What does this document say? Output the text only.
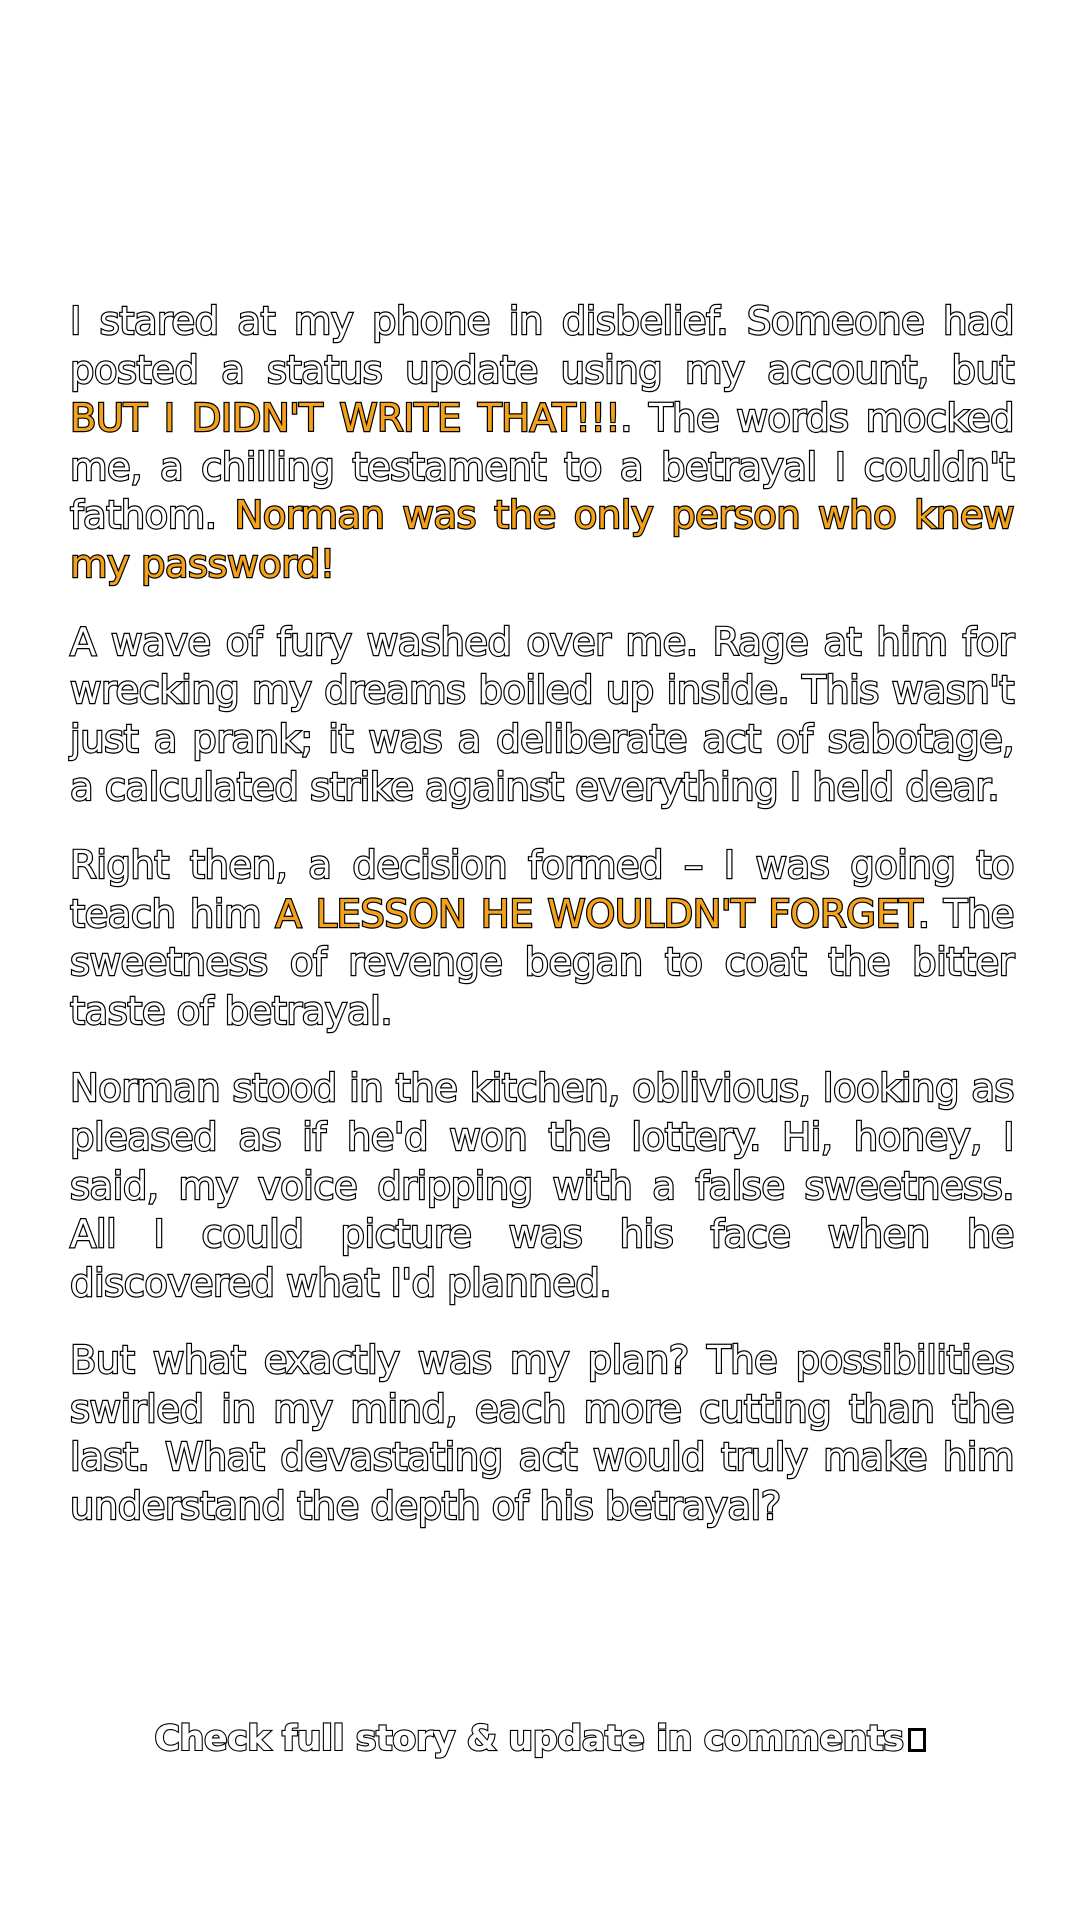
I stared at my phone in disbelief. Someone had posted a status update using my account, but BUT I DIDN'T WRITE THAT!!!. The words mocked me, a chilling testament to a betrayal I couldn't fathom. Norman was the only person who knew my password!

A wave of fury washed over me. Rage at him for wrecking my dreams boiled up inside. This wasn't just a prank; it was a deliberate act of sabotage, a calculated strike against everything I held dear.

Right then, a decision formed – I was going to teach him A LESSON HE WOULDN'T FORGET. The sweetness of revenge began to coat the bitter taste of betrayal.

Norman stood in the kitchen, oblivious, looking as pleased as if he'd won the lottery. Hi, honey, I said, my voice dripping with a false sweetness. All I could picture was his face when he discovered what I'd planned.

But what exactly was my plan? The possibilities swirled in my mind, each more cutting than the last. What devastating act would truly make him understand the depth of his betrayal?

Check full story & update in comments
